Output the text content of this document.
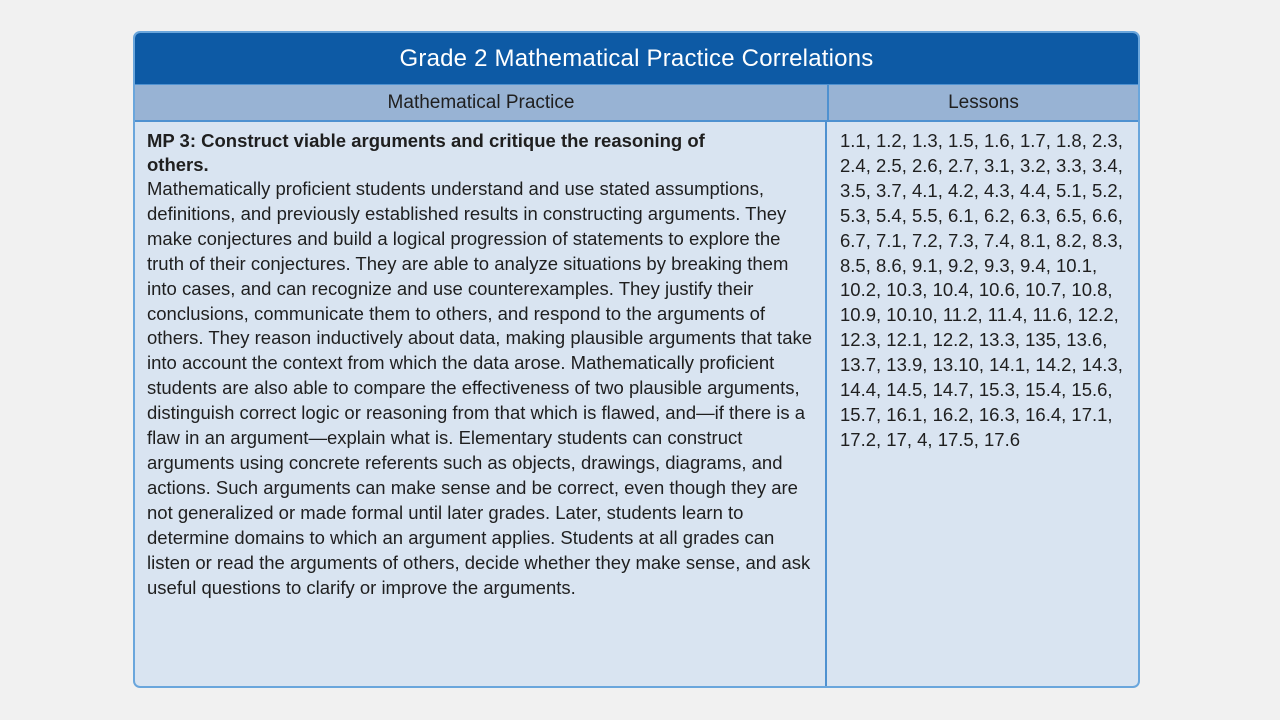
Grade 2 Mathematical Practice Correlations
Mathematical Practice	Lessons

MP 3: Construct viable arguments and critique the reasoning of others.

Mathematically proficient students understand and use stated assumptions, definitions, and previously established results in constructing arguments. They make conjectures and build a logical progression of statements to explore the truth of their conjectures. They are able to analyze situations by breaking them into cases, and can recognize and use counterexamples. They justify their conclusions, communicate them to others, and respond to the arguments of others. They reason inductively about data, making plausible arguments that take into account the context from which the data arose. Mathematically proficient students are also able to compare the effectiveness of two plausible arguments, distinguish correct logic or reasoning from that which is flawed, and—if there is a flaw in an argument—explain what is. Elementary students can construct arguments using concrete referents such as objects, drawings, diagrams, and actions. Such arguments can make sense and be correct, even though they are not generalized or made formal until later grades. Later, students learn to determine domains to which an argument applies. Students at all grades can listen or read the arguments of others, decide whether they make sense, and ask useful questions to clarify or improve the arguments.

1.1, 1.2, 1.3, 1.5, 1.6, 1.7, 1.8, 2.3, 2.4, 2.5, 2.6, 2.7, 3.1, 3.2, 3.3, 3.4, 3.5, 3.7, 4.1, 4.2, 4.3, 4.4, 5.1, 5.2, 5.3, 5.4, 5.5, 6.1, 6.2, 6.3, 6.5, 6.6, 6.7, 7.1, 7.2, 7.3, 7.4, 8.1, 8.2, 8.3, 8.5, 8.6, 9.1, 9.2, 9.3, 9.4, 10.1, 10.2, 10.3, 10.4, 10.6, 10.7, 10.8, 10.9, 10.10, 11.2, 11.4, 11.6, 12.2, 12.3, 12.1, 12.2, 13.3, 135, 13.6, 13.7, 13.9, 13.10, 14.1, 14.2, 14.3, 14.4, 14.5, 14.7, 15.3, 15.4, 15.6, 15.7, 16.1, 16.2, 16.3, 16.4, 17.1, 17.2, 17, 4, 17.5, 17.6
